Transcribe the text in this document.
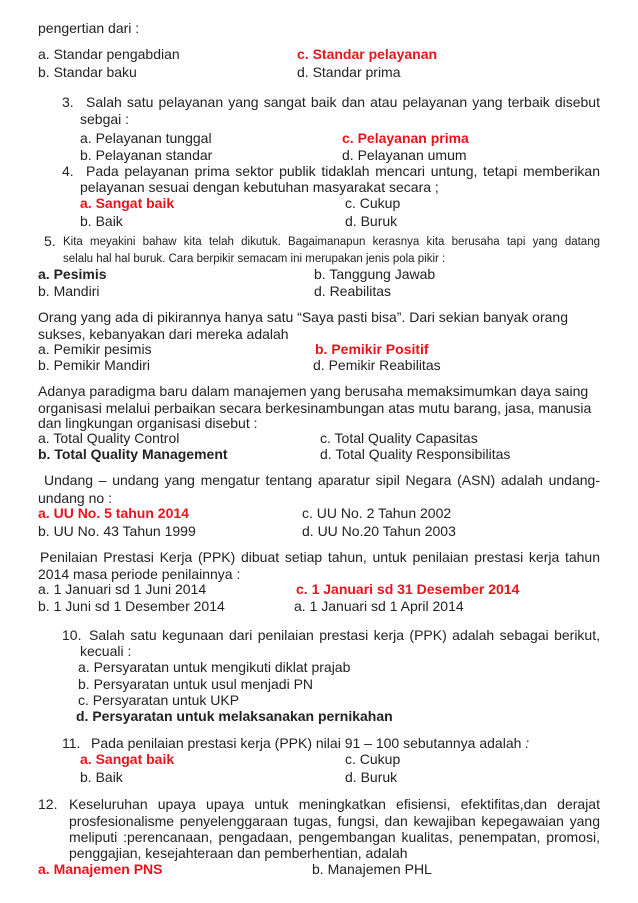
pengertian dari :
a. Standar pengabdian	c. Standar pelayanan
b. Standar baku	d. Standar prima
3. Salah satu pelayanan yang sangat baik dan atau pelayanan yang terbaik disebut
sebgai :
a. Pelayanan tunggal	c. Pelayanan prima
b. Pelayanan standar	d. Pelayanan umum
4. Pada pelayanan prima sektor publik tidaklah mencari untung, tetapi memberikan
pelayanan sesuai dengan kebutuhan masyarakat secara ;
a. Sangat baik	c. Cukup
b. Baik	d. Buruk
5. Kita meyakini bahaw kita telah dikutuk. Bagaimanapun kerasnya kita berusaha tapi yang datang
selalu hal hal buruk. Cara berpikir semacam ini merupakan jenis pola pikir :
a. Pesimis	b. Tanggung Jawab
b. Mandiri	d. Reabilitas
Orang yang ada di pikirannya hanya satu “Saya pasti bisa”. Dari sekian banyak orang
sukses, kebanyakan dari mereka adalah
a. Pemikir pesimis	b. Pemikir Positif
b. Pemikir Mandiri	d. Pemikir Reabilitas
Adanya paradigma baru dalam manajemen yang berusaha memaksimumkan daya saing
organisasi melalui perbaikan secara berkesinambungan atas mutu barang, jasa, manusia
dan lingkungan organisasi disebut :
a. Total Quality Control	c. Total Quality Capasitas
b. Total Quality Management	d. Total Quality Responsibilitas
Undang – undang yang mengatur tentang aparatur sipil Negara (ASN) adalah undang-
undang no :
a. UU No. 5 tahun 2014	c. UU No. 2 Tahun 2002
b. UU No. 43 Tahun 1999	d. UU No.20 Tahun 2003
Penilaian Prestasi Kerja (PPK) dibuat setiap tahun, untuk penilaian prestasi kerja tahun
2014 masa periode penilainnya :
a. 1 Januari sd 1 Juni 2014	c. 1 Januari sd 31 Desember 2014
b. 1 Juni sd 1 Desember 2014	a. 1 Januari sd 1 April 2014
10. Salah satu kegunaan dari penilaian prestasi kerja (PPK) adalah sebagai berikut,
kecuali :
a. Persyaratan untuk mengikuti diklat prajab
b. Persyaratan untuk usul menjadi PN
c. Persyaratan untuk UKP
d. Persyaratan untuk melaksanakan pernikahan
11. Pada penilaian prestasi kerja (PPK) nilai 91 – 100 sebutannya adalah :
a. Sangat baik	c. Cukup
b. Baik	d. Buruk
12. Keseluruhan upaya upaya untuk meningkatkan efisiensi, efektifitas,dan derajat
prosfesionalisme penyelenggaraan tugas, fungsi, dan kewajiban kepegawaian yang
meliputi :perencanaan, pengadaan, pengembangan kualitas, penempatan, promosi,
penggajian, kesejahteraan dan pemberhentian, adalah
a. Manajemen PNS	b. Manajemen PHL
